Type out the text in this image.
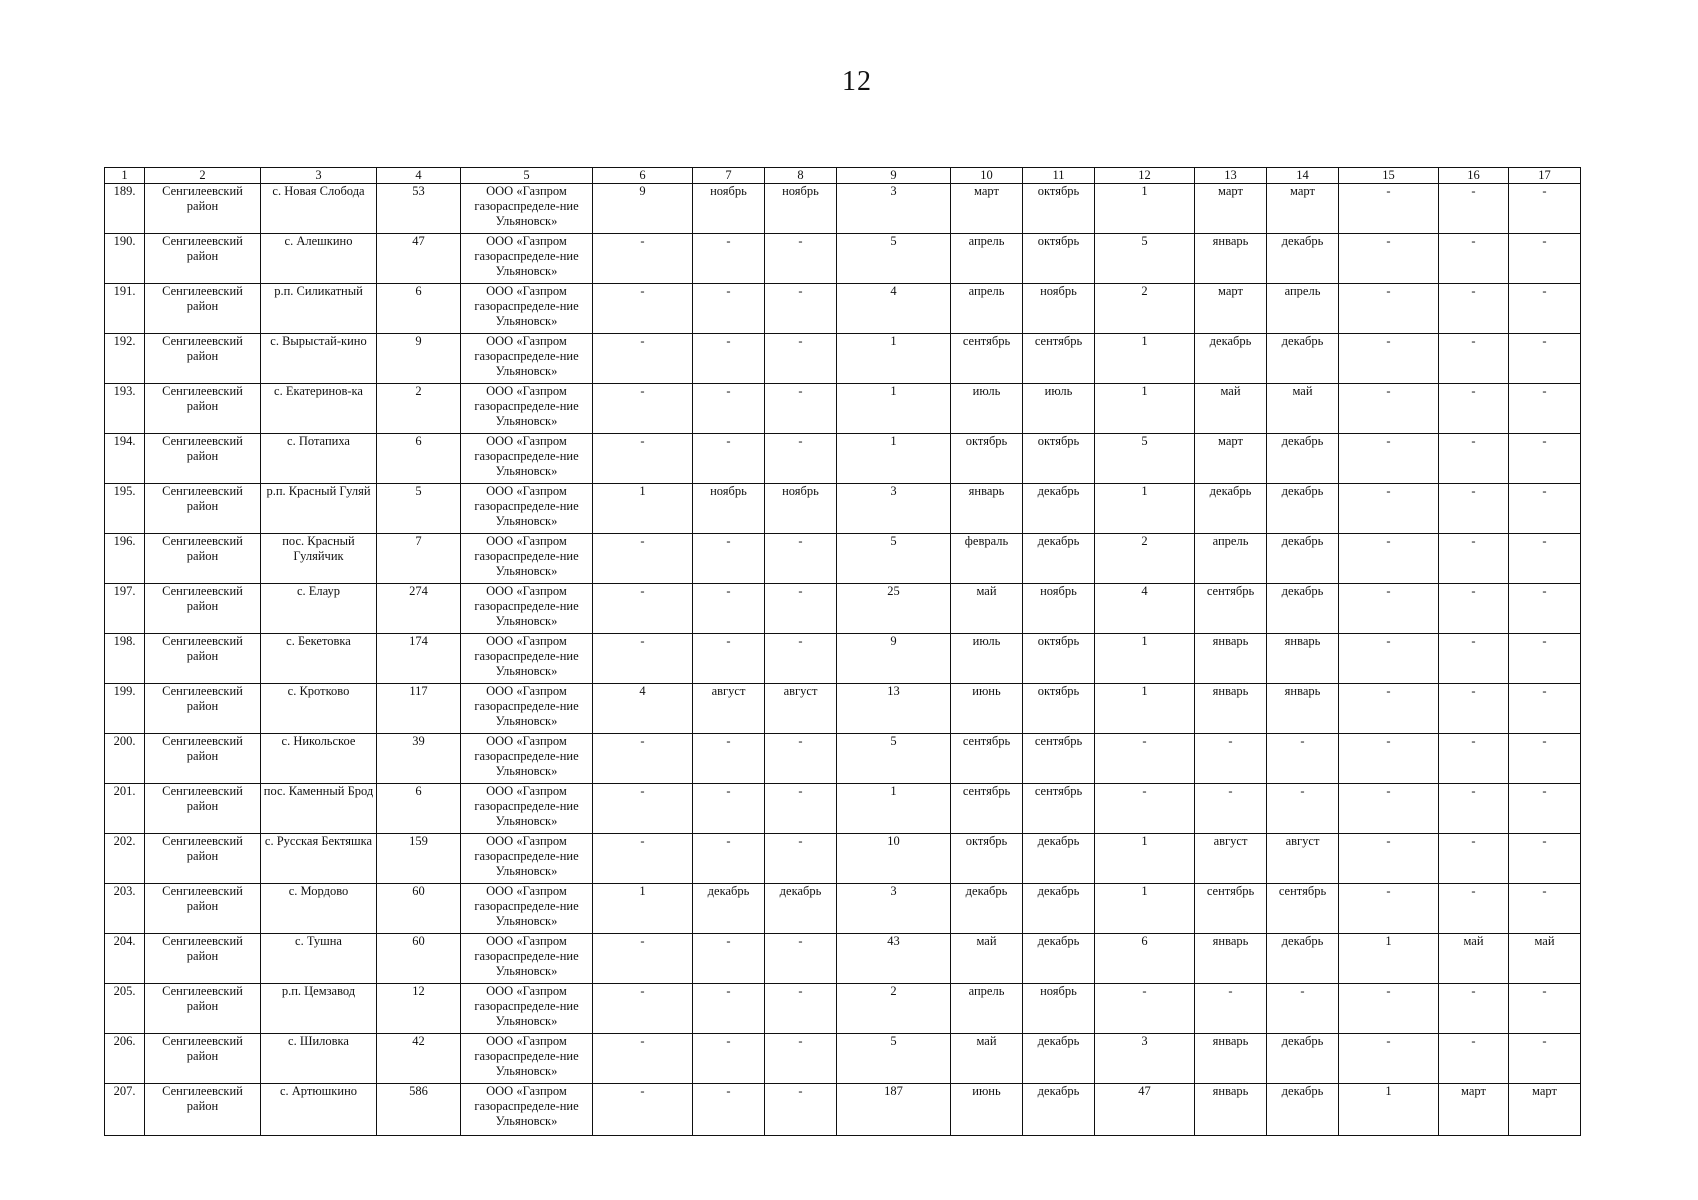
12
1	2	3	4	5	6	7	8	9	10	11	12	13	14	15	16	17
189.	Сенгилеевский район	с. Новая Слобода	53	ООО «Газпром газораспределе-ние Ульяновск»	9	ноябрь	ноябрь	3	март	октябрь	1	март	март	-	-	-
190.	Сенгилеевский район	с. Алешкино	47	ООО «Газпром газораспределе-ние Ульяновск»	-	-	-	5	апрель	октябрь	5	январь	декабрь	-	-	-
191.	Сенгилеевский район	р.п. Силикатный	6	ООО «Газпром газораспределе-ние Ульяновск»	-	-	-	4	апрель	ноябрь	2	март	апрель	-	-	-
192.	Сенгилеевский район	с. Вырыстай-кино	9	ООО «Газпром газораспределе-ние Ульяновск»	-	-	-	1	сентябрь	сентябрь	1	декабрь	декабрь	-	-	-
193.	Сенгилеевский район	с. Екатеринов-ка	2	ООО «Газпром газораспределе-ние Ульяновск»	-	-	-	1	июль	июль	1	май	май	-	-	-
194.	Сенгилеевский район	с. Потапиха	6	ООО «Газпром газораспределе-ние Ульяновск»	-	-	-	1	октябрь	октябрь	5	март	декабрь	-	-	-
195.	Сенгилеевский район	р.п. Красный Гуляй	5	ООО «Газпром газораспределе-ние Ульяновск»	1	ноябрь	ноябрь	3	январь	декабрь	1	декабрь	декабрь	-	-	-
196.	Сенгилеевский район	пос. Красный Гуляйчик	7	ООО «Газпром газораспределе-ние Ульяновск»	-	-	-	5	февраль	декабрь	2	апрель	декабрь	-	-	-
197.	Сенгилеевский район	с. Елаур	274	ООО «Газпром газораспределе-ние Ульяновск»	-	-	-	25	май	ноябрь	4	сентябрь	декабрь	-	-	-
198.	Сенгилеевский район	с. Бекетовка	174	ООО «Газпром газораспределе-ние Ульяновск»	-	-	-	9	июль	октябрь	1	январь	январь	-	-	-
199.	Сенгилеевский район	с. Кротково	117	ООО «Газпром газораспределе-ние Ульяновск»	4	август	август	13	июнь	октябрь	1	январь	январь	-	-	-
200.	Сенгилеевский район	с. Никольское	39	ООО «Газпром газораспределе-ние Ульяновск»	-	-	-	5	сентябрь	сентябрь	-	-	-	-	-	-
201.	Сенгилеевский район	пос. Каменный Брод	6	ООО «Газпром газораспределе-ние Ульяновск»	-	-	-	1	сентябрь	сентябрь	-	-	-	-	-	-
202.	Сенгилеевский район	с. Русская Бектяшка	159	ООО «Газпром газораспределе-ние Ульяновск»	-	-	-	10	октябрь	декабрь	1	август	август	-	-	-
203.	Сенгилеевский район	с. Мордово	60	ООО «Газпром газораспределе-ние Ульяновск»	1	декабрь	декабрь	3	декабрь	декабрь	1	сентябрь	сентябрь	-	-	-
204.	Сенгилеевский район	с. Тушна	60	ООО «Газпром газораспределе-ние Ульяновск»	-	-	-	43	май	декабрь	6	январь	декабрь	1	май	май
205.	Сенгилеевский район	р.п. Цемзавод	12	ООО «Газпром газораспределе-ние Ульяновск»	-	-	-	2	апрель	ноябрь	-	-	-	-	-	-
206.	Сенгилеевский район	с. Шиловка	42	ООО «Газпром газораспределе-ние Ульяновск»	-	-	-	5	май	декабрь	3	январь	декабрь	-	-	-
207.	Сенгилеевский район	с. Артюшкино	586	ООО «Газпром газораспределе-ние Ульяновск»	-	-	-	187	июнь	декабрь	47	январь	декабрь	1	март	март
